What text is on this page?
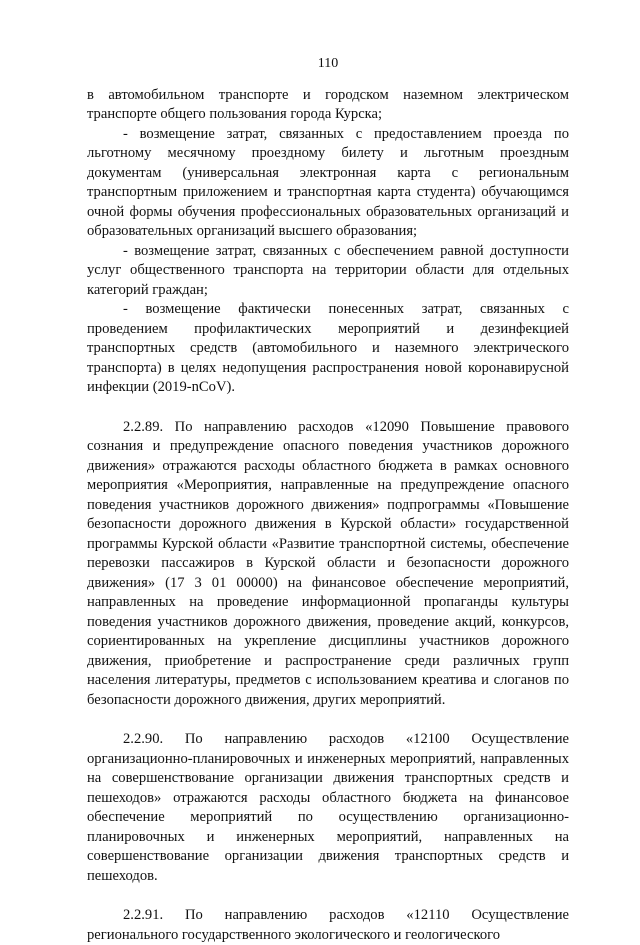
110

в автомобильном транспорте и городском наземном электрическом транспорте общего пользования города Курска;

- возмещение затрат, связанных с предоставлением проезда по льготному месячному проездному билету и льготным проездным документам (универсальная электронная карта с региональным транспортным приложением и транспортная карта студента) обучающимся очной формы обучения профессиональных образовательных организаций и образовательных организаций высшего образования;

- возмещение затрат, связанных с обеспечением равной доступности услуг общественного транспорта на территории области для отдельных категорий граждан;

- возмещение фактически понесенных затрат, связанных с проведением профилактических мероприятий и дезинфекцией транспортных средств (автомобильного и наземного электрического транспорта) в целях недопущения распространения новой коронавирусной инфекции (2019-nCoV).

2.2.89. По направлению расходов «12090 Повышение правового сознания и предупреждение опасного поведения участников дорожного движения» отражаются расходы областного бюджета в рамках основного мероприятия «Мероприятия, направленные на предупреждение опасного поведения участников дорожного движения» подпрограммы «Повышение безопасности дорожного движения в Курской области» государственной программы Курской области «Развитие транспортной системы, обеспечение перевозки пассажиров в Курской области и безопасности дорожного движения» (17 3 01 00000) на финансовое обеспечение мероприятий, направленных на проведение информационной пропаганды культуры поведения участников дорожного движения, проведение акций, конкурсов, сориентированных на укрепление дисциплины участников дорожного движения, приобретение и распространение среди различных групп населения литературы, предметов с использованием креатива и слоганов по безопасности дорожного движения, других мероприятий.

2.2.90. По направлению расходов «12100 Осуществление организационно-планировочных и инженерных мероприятий, направленных на совершенствование организации движения транспортных средств и пешеходов» отражаются расходы областного бюджета на финансовое обеспечение мероприятий по осуществлению организационно-планировочных и инженерных мероприятий, направленных на совершенствование организации движения транспортных средств и пешеходов.

2.2.91. По направлению расходов «12110 Осуществление регионального государственного экологического и геологического
